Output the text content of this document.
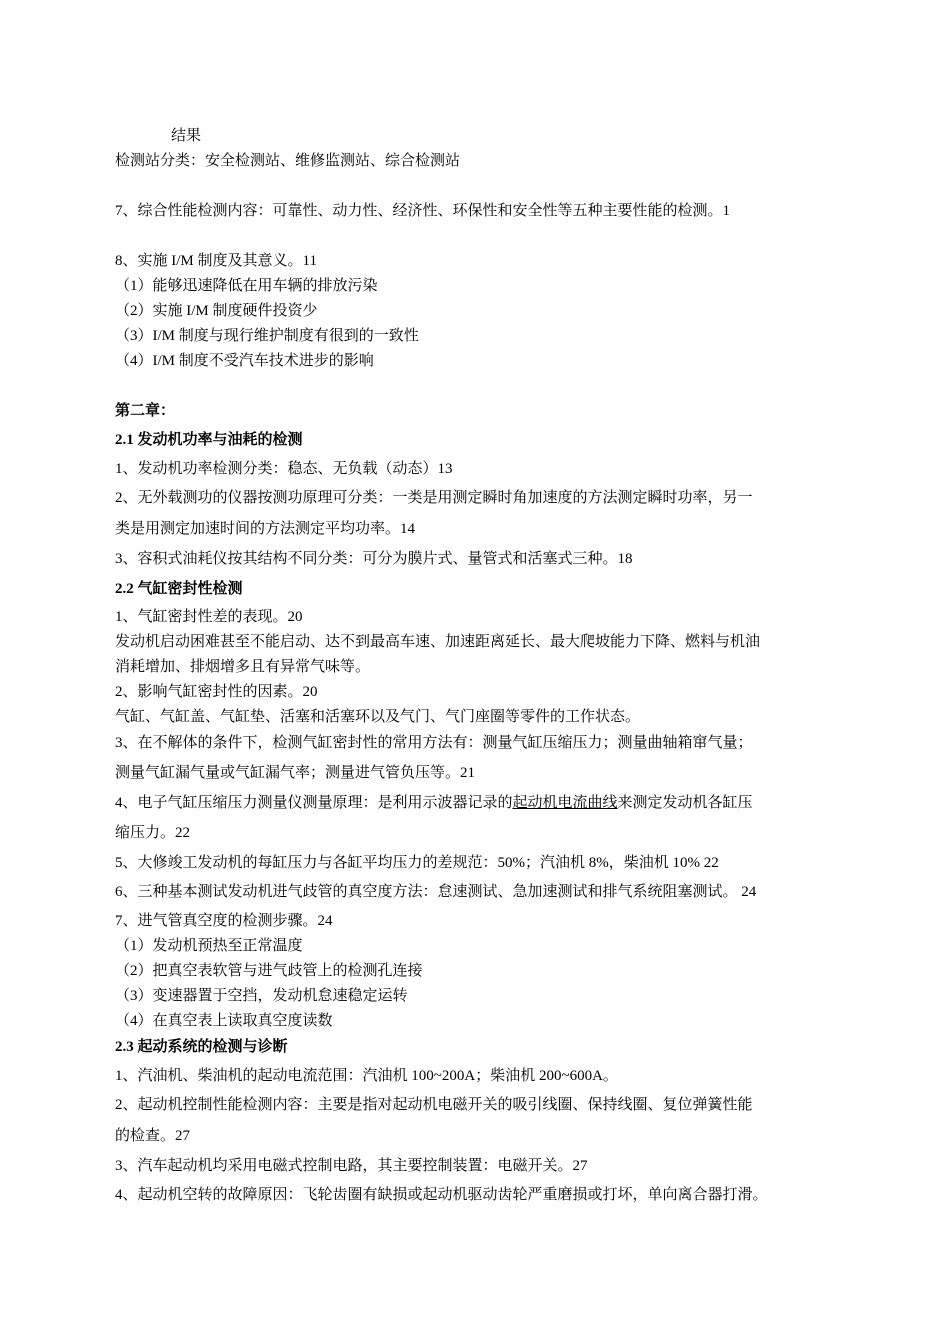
结果
检测站分类：安全检测站、维修监测站、综合检测站
7、综合性能检测内容：可靠性、动力性、经济性、环保性和安全性等五种主要性能的检测。1
8、实施 I/M 制度及其意义。11
（1）能够迅速降低在用车辆的排放污染
（2）实施 I/M 制度硬件投资少
（3）I/M 制度与现行维护制度有很到的一致性
（4）I/M 制度不受汽车技术进步的影响
第二章：
2.1 发动机功率与油耗的检测
1、发动机功率检测分类：稳态、无负载（动态）13
2、无外载测功的仪器按测功原理可分类：一类是用测定瞬时角加速度的方法测定瞬时功率，另一
类是用测定加速时间的方法测定平均功率。14
3、容积式油耗仪按其结构不同分类：可分为膜片式、量管式和活塞式三种。18
2.2 气缸密封性检测
1、气缸密封性差的表现。20
发动机启动困难甚至不能启动、达不到最高车速、加速距离延长、最大爬坡能力下降、燃料与机油
消耗增加、排烟增多且有异常气味等。
2、影响气缸密封性的因素。20
气缸、气缸盖、气缸垫、活塞和活塞环以及气门、气门座圈等零件的工作状态。
3、在不解体的条件下，检测气缸密封性的常用方法有：测量气缸压缩压力；测量曲轴箱窜气量；
测量气缸漏气量或气缸漏气率；测量进气管负压等。21
4、电子气缸压缩压力测量仪测量原理：是利用示波器记录的起动机电流曲线来测定发动机各缸压
缩压力。22
5、大修竣工发动机的每缸压力与各缸平均压力的差规范：50%；汽油机 8%，柴油机 10% 22
6、三种基本测试发动机进气歧管的真空度方法：怠速测试、急加速测试和排气系统阻塞测试。 24
7、进气管真空度的检测步骤。24
（1）发动机预热至正常温度
（2）把真空表软管与进气歧管上的检测孔连接
（3）变速器置于空挡，发动机怠速稳定运转
（4）在真空表上读取真空度读数
2.3 起动系统的检测与诊断
1、汽油机、柴油机的起动电流范围：汽油机 100~200A；柴油机 200~600A。
2、起动机控制性能检测内容：主要是指对起动机电磁开关的吸引线圈、保持线圈、复位弹簧性能
的检查。27
3、汽车起动机均采用电磁式控制电路，其主要控制装置：电磁开关。27
4、起动机空转的故障原因：飞轮齿圈有缺损或起动机驱动齿轮严重磨损或打坏，单向离合器打滑。
